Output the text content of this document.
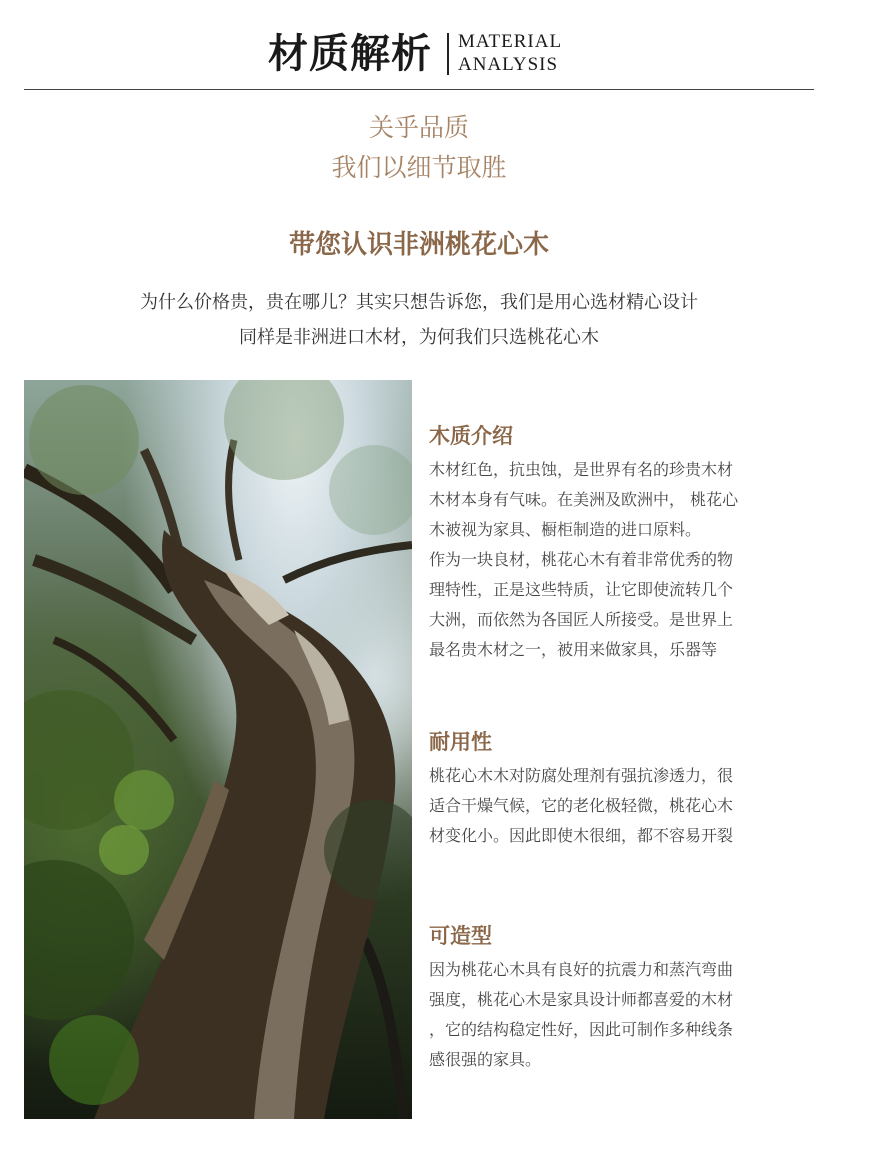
材质解析 MATERIAL
ANALYSIS
关乎品质
我们以细节取胜
带您认识非洲桃花心木
为什么价格贵，贵在哪儿？其实只想告诉您，我们是用心选材精心设计
同样是非洲进口木材，为何我们只选桃花心木
木质介绍

木材红色，抗虫蚀，是世界有名的珍贵木材

木材本身有气味。在美洲及欧洲中， 桃花心

木被视为家具、橱柜制造的进口原料。

作为一块良材，桃花心木有着非常优秀的物

理特性，正是这些特质，让它即使流转几个

大洲，而依然为各国匠人所接受。是世界上

最名贵木材之一，被用来做家具，乐器等

耐用性

桃花心木木对防腐处理剂有强抗渗透力，很

适合干燥气候，它的老化极轻微，桃花心木

材变化小。因此即使木很细，都不容易开裂

可造型

因为桃花心木具有良好的抗震力和蒸汽弯曲

强度，桃花心木是家具设计师都喜爱的木材

，它的结构稳定性好，因此可制作多种线条

感很强的家具。
